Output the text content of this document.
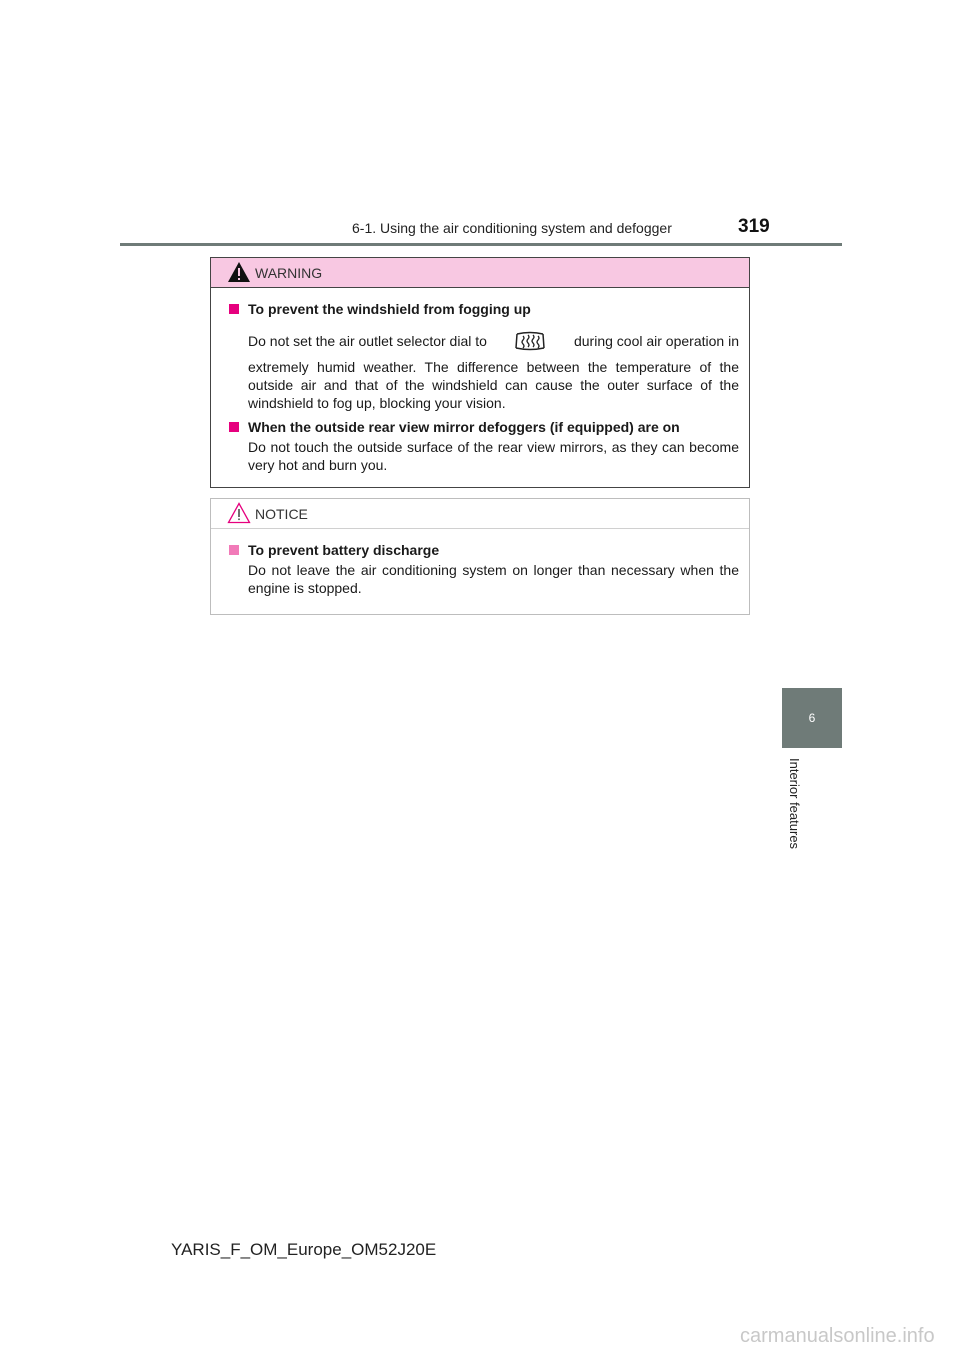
6-1. Using the air conditioning system and defogger	319
6
Interior features
WARNING
To prevent the windshield from fogging up
Do not set the air outlet selector dial to	during cool air operation in
extremely humid weather. The difference between the temperature of the outside air and that of the windshield can cause the outer surface of the windshield to fog up, blocking your vision.
When the outside rear view mirror defoggers (if equipped) are on
Do not touch the outside surface of the rear view mirrors, as they can become very hot and burn you.
NOTICE
To prevent battery discharge
Do not leave the air conditioning system on longer than necessary when the engine is stopped.
YARIS_F_OM_Europe_OM52J20E
carmanualsonline.info
